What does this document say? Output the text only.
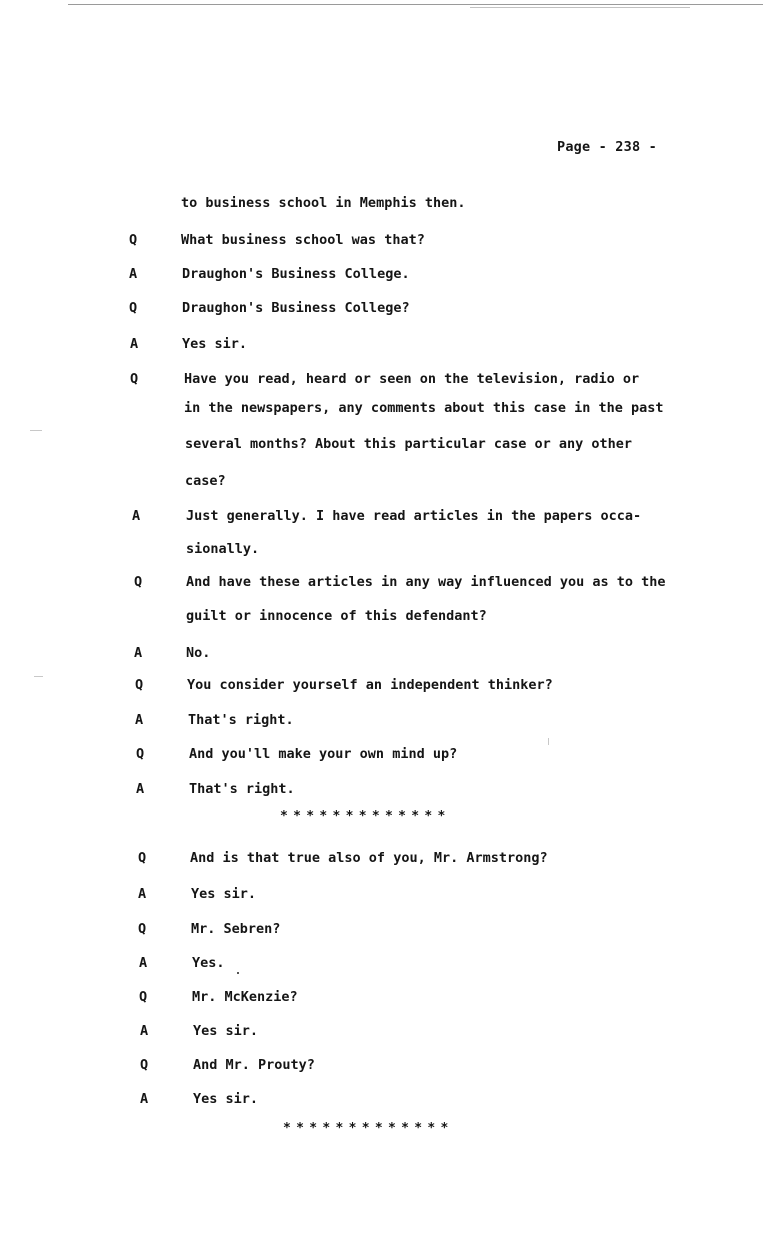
Page - 238 -
to business school in Memphis then.
Q	What business school was that?
A	Draughon's Business College.
Q	Draughon's Business College?
A	Yes sir.
Q	Have you read, heard or seen on the television, radio or
in the newspapers, any comments about this case in the past
several months? About this particular case or any other
case?
A	Just generally. I have read articles in the papers occa-
sionally.
Q	And have these articles in any way influenced you as to the
guilt or innocence of this defendant?
A	No.
Q	You consider yourself an independent thinker?
A	That's right.
Q	And you'll make your own mind up?
A	That's right.
*************
Q	And is that true also of you, Mr. Armstrong?
A	Yes sir.
Q	Mr. Sebren?
A	Yes.
Q	Mr. McKenzie?
A	Yes sir.
Q	And Mr. Prouty?
A	Yes sir.
*************
